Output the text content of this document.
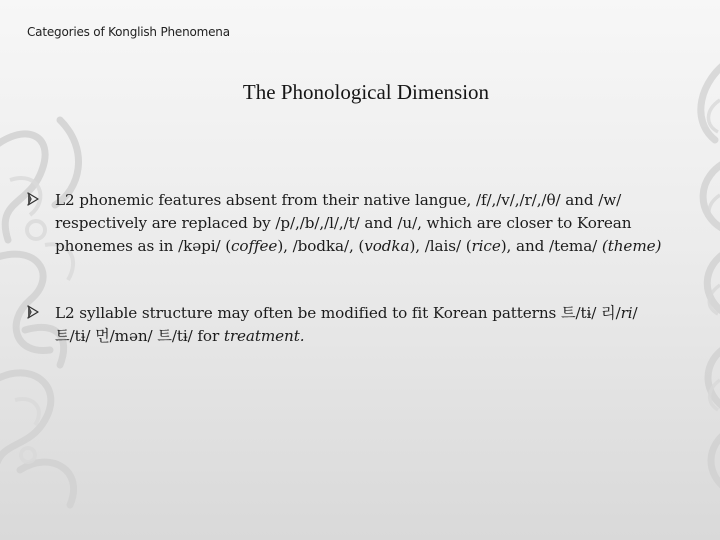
Categories of Konglish Phenomena
The Phonological Dimension
L2 phonemic features absent from their native langue, /f/,/v/,/r/,/θ/ and /w/ respectively are replaced by /p/,/b/,/l/,/t/ and /u/, which are closer to Korean phonemes as in /kəpi/ (coffee), /bodka/, (vodka), /lais/ (rice), and /tema/ (theme)
L2 syllable structure may often be modified to fit Korean patterns 트/tɨ/ 리/ri/ 트/tɨ/ 먼/mən/ 트/tɨ/ for treatment.
